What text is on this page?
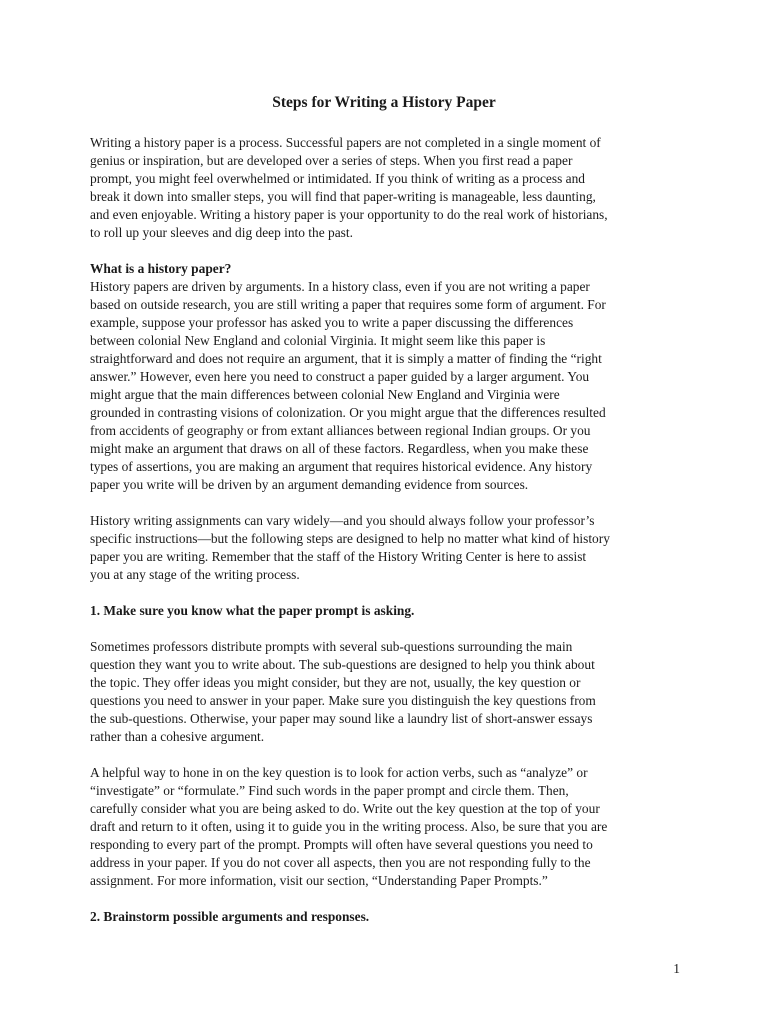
Steps for Writing a History Paper

Writing a history paper is a process. Successful papers are not completed in a single moment of
genius or inspiration, but are developed over a series of steps. When you first read a paper
prompt, you might feel overwhelmed or intimidated. If you think of writing as a process and
break it down into smaller steps, you will find that paper-writing is manageable, less daunting,
and even enjoyable. Writing a history paper is your opportunity to do the real work of historians,
to roll up your sleeves and dig deep into the past.

What is a history paper?

History papers are driven by arguments. In a history class, even if you are not writing a paper
based on outside research, you are still writing a paper that requires some form of argument. For
example, suppose your professor has asked you to write a paper discussing the differences
between colonial New England and colonial Virginia. It might seem like this paper is
straightforward and does not require an argument, that it is simply a matter of finding the “right
answer.” However, even here you need to construct a paper guided by a larger argument. You
might argue that the main differences between colonial New England and Virginia were
grounded in contrasting visions of colonization. Or you might argue that the differences resulted
from accidents of geography or from extant alliances between regional Indian groups. Or you
might make an argument that draws on all of these factors. Regardless, when you make these
types of assertions, you are making an argument that requires historical evidence. Any history
paper you write will be driven by an argument demanding evidence from sources.

History writing assignments can vary widely—and you should always follow your professor’s
specific instructions—but the following steps are designed to help no matter what kind of history
paper you are writing. Remember that the staff of the History Writing Center is here to assist
you at any stage of the writing process.

1. Make sure you know what the paper prompt is asking.

Sometimes professors distribute prompts with several sub-questions surrounding the main
question they want you to write about. The sub-questions are designed to help you think about
the topic. They offer ideas you might consider, but they are not, usually, the key question or
questions you need to answer in your paper. Make sure you distinguish the key questions from
the sub-questions. Otherwise, your paper may sound like a laundry list of short-answer essays
rather than a cohesive argument.

A helpful way to hone in on the key question is to look for action verbs, such as “analyze” or
“investigate” or “formulate.” Find such words in the paper prompt and circle them. Then,
carefully consider what you are being asked to do. Write out the key question at the top of your
draft and return to it often, using it to guide you in the writing process. Also, be sure that you are
responding to every part of the prompt. Prompts will often have several questions you need to
address in your paper. If you do not cover all aspects, then you are not responding fully to the
assignment. For more information, visit our section, “Understanding Paper Prompts.”

2. Brainstorm possible arguments and responses.

1
